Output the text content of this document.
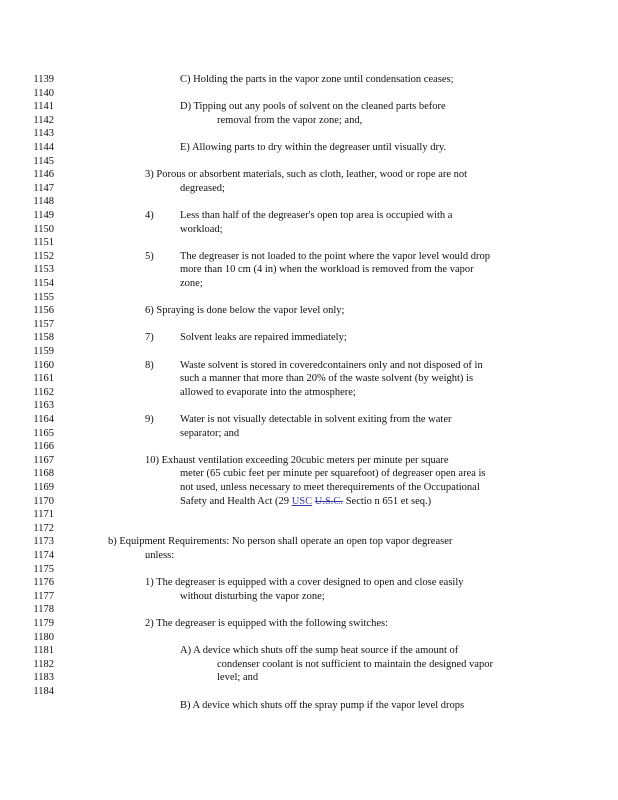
1139
1140
1141
1142
1143
1144
1145
1146
1147
1148
1149
1150
1151
1152
1153
1154
1155
1156
1157
1158
1159
1160
1161
1162
1163
1164
1165
1166
1167
1168
1169
1170
1171
1172
1173
1174
1175
1176
1177
1178
1179
1180
1181
1182
1183
1184
C) Holding the parts in the vapor zone until condensation ceases;
D) Tipping out any pools of solvent on the cleaned parts before
removal from the vapor zone; and,
E) Allowing parts to dry within the degreaser until visually dry.
3) Porous or absorbent materials, such as cloth, leather, wood or rope are not
degreased;
4)	Less than half of the degreaser's open top area is occupied with a
workload;
5)	The degreaser is not loaded to the point where the vapor level would drop
more than 10 cm (4 in) when the workload is removed from the vapor
zone;
6) Spraying is done below the vapor level only;
7)	Solvent leaks are repaired immediately;
8)	Waste solvent is stored in coveredcontainers only and not disposed of in
such a manner that more than 20% of the waste solvent (by weight) is
allowed to evaporate into the atmosphere;
9)	Water is not visually detectable in solvent exiting from the water
separator; and
10) Exhaust ventilation exceeding 20cubic meters per minute per square
meter (65 cubic feet per minute per squarefoot) of degreaser open area is
not used, unless necessary to meet therequirements of the Occupational
Safety and Health Act (29 USC U.S.C. Sectio n 651 et seq.)
b) Equipment Requirements: No person shall operate an open top vapor degreaser
unless:
1) The degreaser is equipped with a cover designed to open and close easily
without disturbing the vapor zone;
2) The degreaser is equipped with the following switches:
A) A device which shuts off the sump heat source if the amount of
condenser coolant is not sufficient to maintain the designed vapor
level; and
B) A device which shuts off the spray pump if the vapor level drops
